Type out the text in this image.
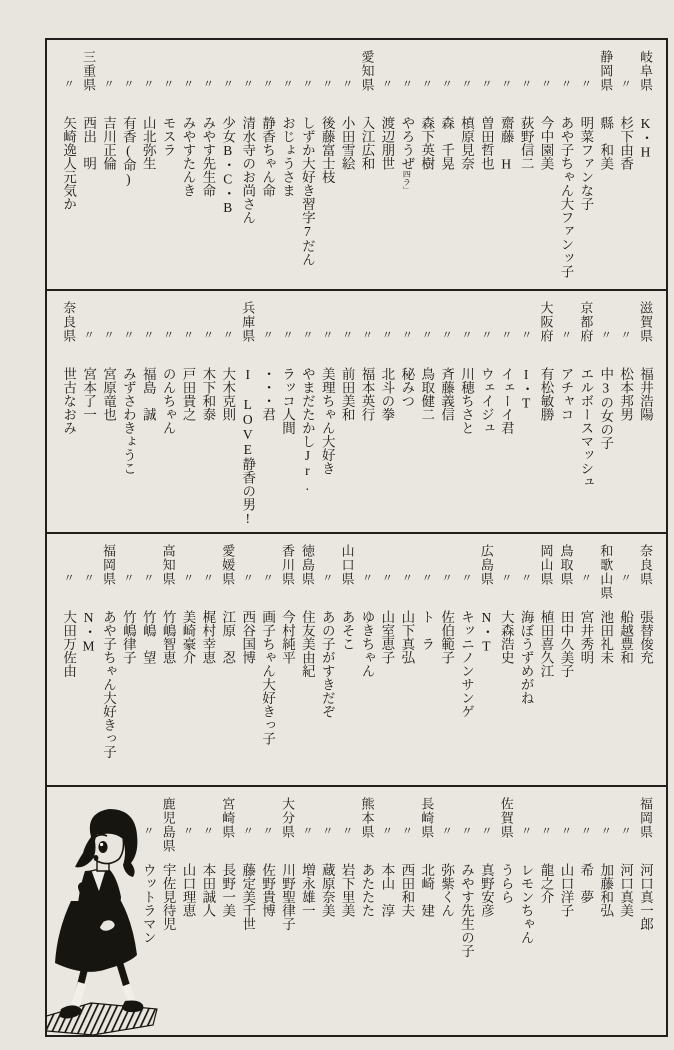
岐阜県K・H
〃杉下由香
静岡県縣　和美
〃明菜ファンな子
〃あや子ちゃん大ファンッ子
〃今中園美
〃荻野信二
〃齋藤　H
〃曽田哲也
〃槙原見奈
〃森　千晃
〃森下英樹
〃やろうぜ四ラ」
〃渡辺朋世
愛知県入江広和
〃小田雪絵
〃後藤富士枝
〃しずか大好き習字7だん
〃おじょうさま
〃静香ちゃん命
〃清水寺のお尚さん
〃少女B・C・B
〃みやす先生命
〃みやすたんき
〃モスラ
〃山北弥生
〃有香(命)
〃吉川正倫
三重県西出　明
〃矢崎逸人元気か
滋賀県福井浩陽
〃松本邦男
〃中3の女の子
京都府エルボースマッシュ
〃アチャコ
大阪府有松敏勝
〃I・T
〃イェーイ君
〃ウェイジュ
〃川穂ちさと
〃斉藤義信
〃鳥取健二
〃秘みつ
〃北斗の拳
〃福本英行
〃前田美和
〃美理ちゃん大好き
〃やまだたかしJr.
〃ラッコ人間
〃・・・君
兵庫県I LOVE静香の男!
〃大木克則
〃木下和泰
〃戸田貴之
〃のんちゃん
〃福島　誠
〃みずさわきょうこ
〃宮原竜也
〃宮本了一
奈良県世古なおみ
奈良県張替俊充
〃船越豊和
和歌山県池田礼未
〃宮井秀明
鳥取県田中久美子
岡山県植田喜久江
〃海ぼうずめがね
〃大森浩史
広島県N・T
〃キッニノンサンゲ
〃佐伯範子
〃ト　ラ
〃山下真弘
〃山室恵子
〃ゆきちゃん
山口県あそこ
〃あの子がすきだぞ
徳島県住友美由紀
香川県今村純平
〃画子ちゃん大好きっ子
〃西谷国博
愛媛県江原　忍
〃梶村幸恵
〃美崎豪介
高知県竹嶋智恵
〃竹嶋　望
〃竹嶋律子
福岡県あや子ちゃん大好きっ子
〃N・M
〃大田万佐由
福岡県河口真一郎
〃河口真美
〃加藤和弘
〃希　夢
〃山口洋子
〃龍之介
〃レモンちゃん
佐賀県うらら
〃真野安彦
〃みやす先生の子
〃弥紫くん
長崎県北崎　建
〃西田和夫
〃本山　淳
熊本県あたたた
〃岩下里美
〃蔵原奈美
〃増永雄一
大分県川野聖律子
〃佐野貴博
〃藤定美千世
宮崎県長野一美
〃本田誠人
〃山口理恵
鹿児島県宇佐見待児
〃ウットラマン
